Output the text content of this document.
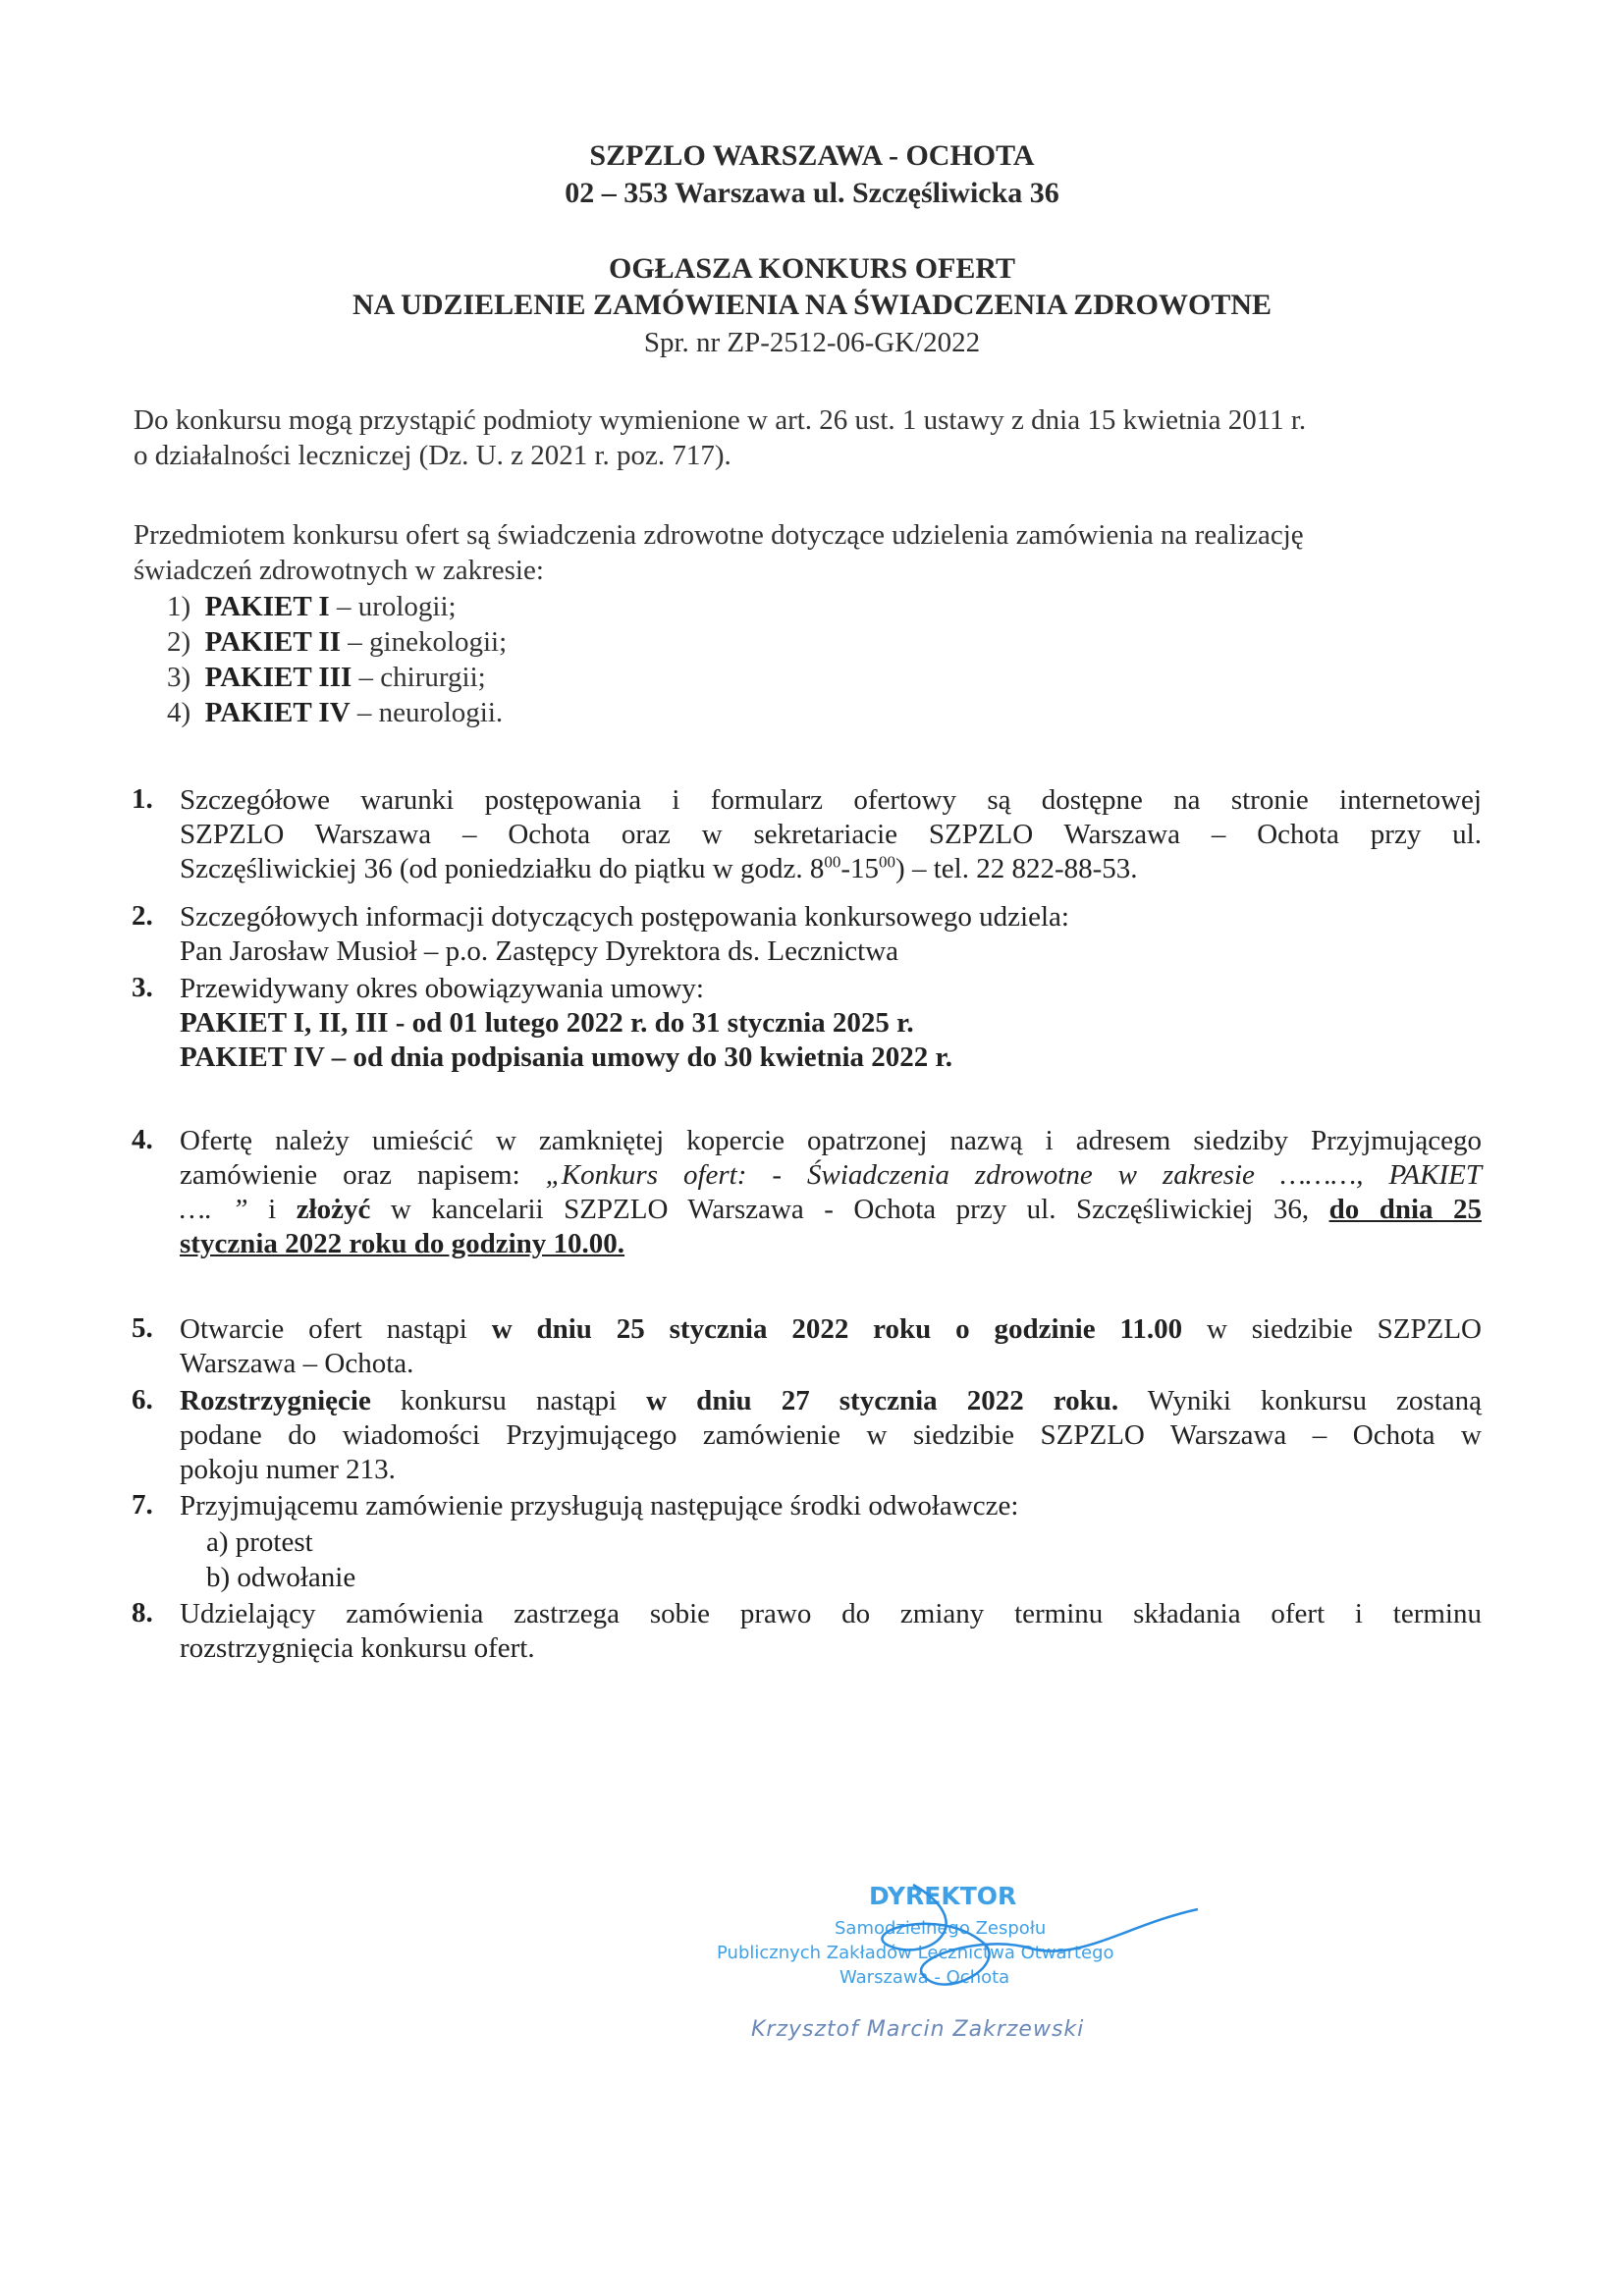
SZPZLO WARSZAWA - OCHOTA
02 – 353 Warszawa ul. Szczęśliwicka 36
OGŁASZA KONKURS OFERT
NA UDZIELENIE ZAMÓWIENIA NA ŚWIADCZENIA ZDROWOTNE
Spr. nr ZP-2512-06-GK/2022
Do konkursu mogą przystąpić podmioty wymienione w art. 26 ust. 1 ustawy z dnia 15 kwietnia 2011 r.
o działalności leczniczej (Dz. U. z 2021 r. poz. 717).
Przedmiotem konkursu ofert są świadczenia zdrowotne dotyczące udzielenia zamówienia na realizację
świadczeń zdrowotnych w zakresie:
1) PAKIET I – urologii;
2) PAKIET II – ginekologii;
3) PAKIET III – chirurgii;
4) PAKIET IV – neurologii.
1. Szczegółowe warunki postępowania i formularz ofertowy są dostępne na stronie internetowej
SZPZLO Warszawa – Ochota oraz w sekretariacie SZPZLO Warszawa – Ochota przy ul.
Szczęśliwickiej 36 (od poniedziałku do piątku w godz. $8^{00}-15^{00}$) – tel. 22 822-88-53.
2. Szczegółowych informacji dotyczących postępowania konkursowego udziela:
Pan Jarosław Musioł – p.o. Zastępcy Dyrektora ds. Lecznictwa
3. Przewidywany okres obowiązywania umowy:
PAKIET I, II, III - od 01 lutego 2022 r. do 31 stycznia 2025 r.
PAKIET IV – od dnia podpisania umowy do 30 kwietnia 2022 r.
4. Ofertę należy umieścić w zamkniętej kopercie opatrzonej nazwą i adresem siedziby Przyjmującego
zamówienie oraz napisem: „Konkurs ofert: - Świadczenia zdrowotne w zakresie ………, PAKIET
…. ” i złożyć w kancelarii SZPZLO Warszawa - Ochota przy ul. Szczęśliwickiej 36, do dnia 25
stycznia 2022 roku do godziny 10.00.
5. Otwarcie ofert nastąpi w dniu 25 stycznia 2022 roku o godzinie 11.00 w siedzibie SZPZLO
Warszawa – Ochota.
6. Rozstrzygnięcie konkursu nastąpi w dniu 27 stycznia 2022 roku. Wyniki konkursu zostaną
podane do wiadomości Przyjmującego zamówienie w siedzibie SZPZLO Warszawa – Ochota w
pokoju numer 213.
7. Przyjmującemu zamówienie przysługują następujące środki odwoławcze:
a) protest
b) odwołanie
8. Udzielający zamówienia zastrzega sobie prawo do zmiany terminu składania ofert i terminu
rozstrzygnięcia konkursu ofert.
DYREKTOR
Samodzielnego Zespołu
Publicznych Zakładów Lecznictwa Otwartego
Warszawa - Ochota
Krzysztof Marcin Zakrzewski
